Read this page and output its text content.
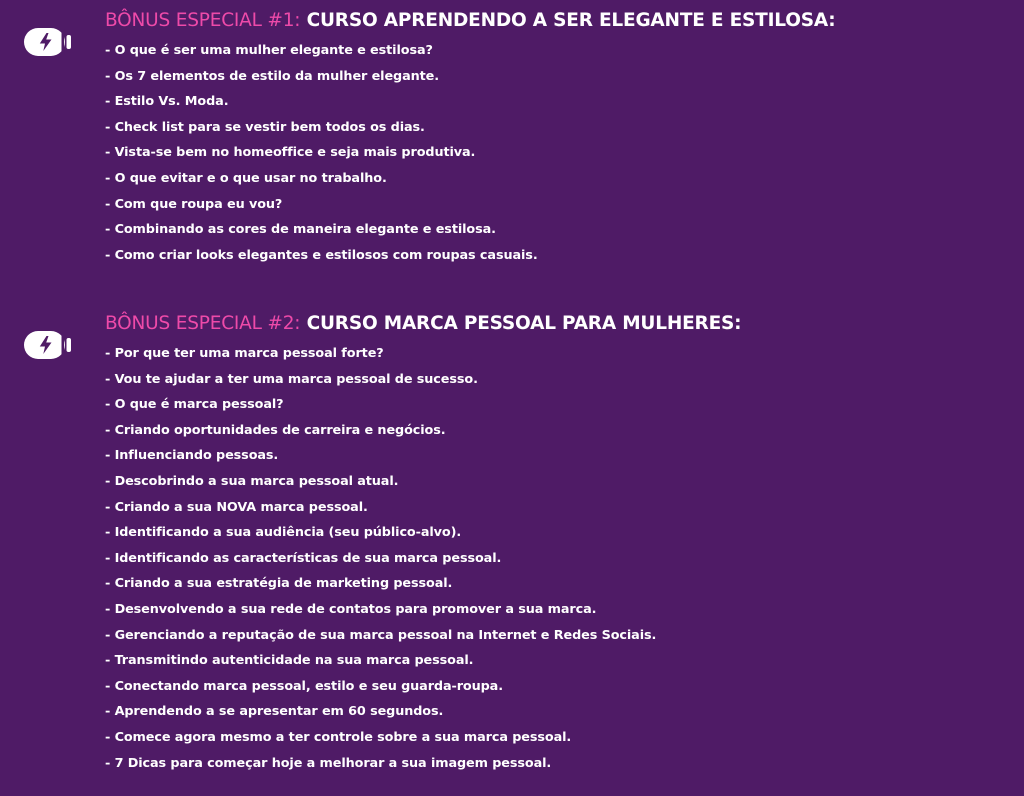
BÔNUS ESPECIAL #1: CURSO APRENDENDO A SER ELEGANTE E ESTILOSA:
- O que é ser uma mulher elegante e estilosa?
- Os 7 elementos de estilo da mulher elegante.
- Estilo Vs. Moda.
- Check list para se vestir bem todos os dias.
- Vista-se bem no homeoffice e seja mais produtiva.
- O que evitar e o que usar no trabalho.
- Com que roupa eu vou?
- Combinando as cores de maneira elegante e estilosa.
- Como criar looks elegantes e estilosos com roupas casuais.
BÔNUS ESPECIAL #2: CURSO MARCA PESSOAL PARA MULHERES:
- Por que ter uma marca pessoal forte?
- Vou te ajudar a ter uma marca pessoal de sucesso.
- O que é marca pessoal?
- Criando oportunidades de carreira e negócios.
- Influenciando pessoas.
- Descobrindo a sua marca pessoal atual.
- Criando a sua NOVA marca pessoal.
- Identificando a sua audiência (seu público-alvo).
- Identificando as características de sua marca pessoal.
- Criando a sua estratégia de marketing pessoal.
- Desenvolvendo a sua rede de contatos para promover a sua marca.
- Gerenciando a reputação de sua marca pessoal na Internet e Redes Sociais.
- Transmitindo autenticidade na sua marca pessoal.
- Conectando marca pessoal, estilo e seu guarda-roupa.
- Aprendendo a se apresentar em 60 segundos.
- Comece agora mesmo a ter controle sobre a sua marca pessoal.
- 7 Dicas para começar hoje a melhorar a sua imagem pessoal.
